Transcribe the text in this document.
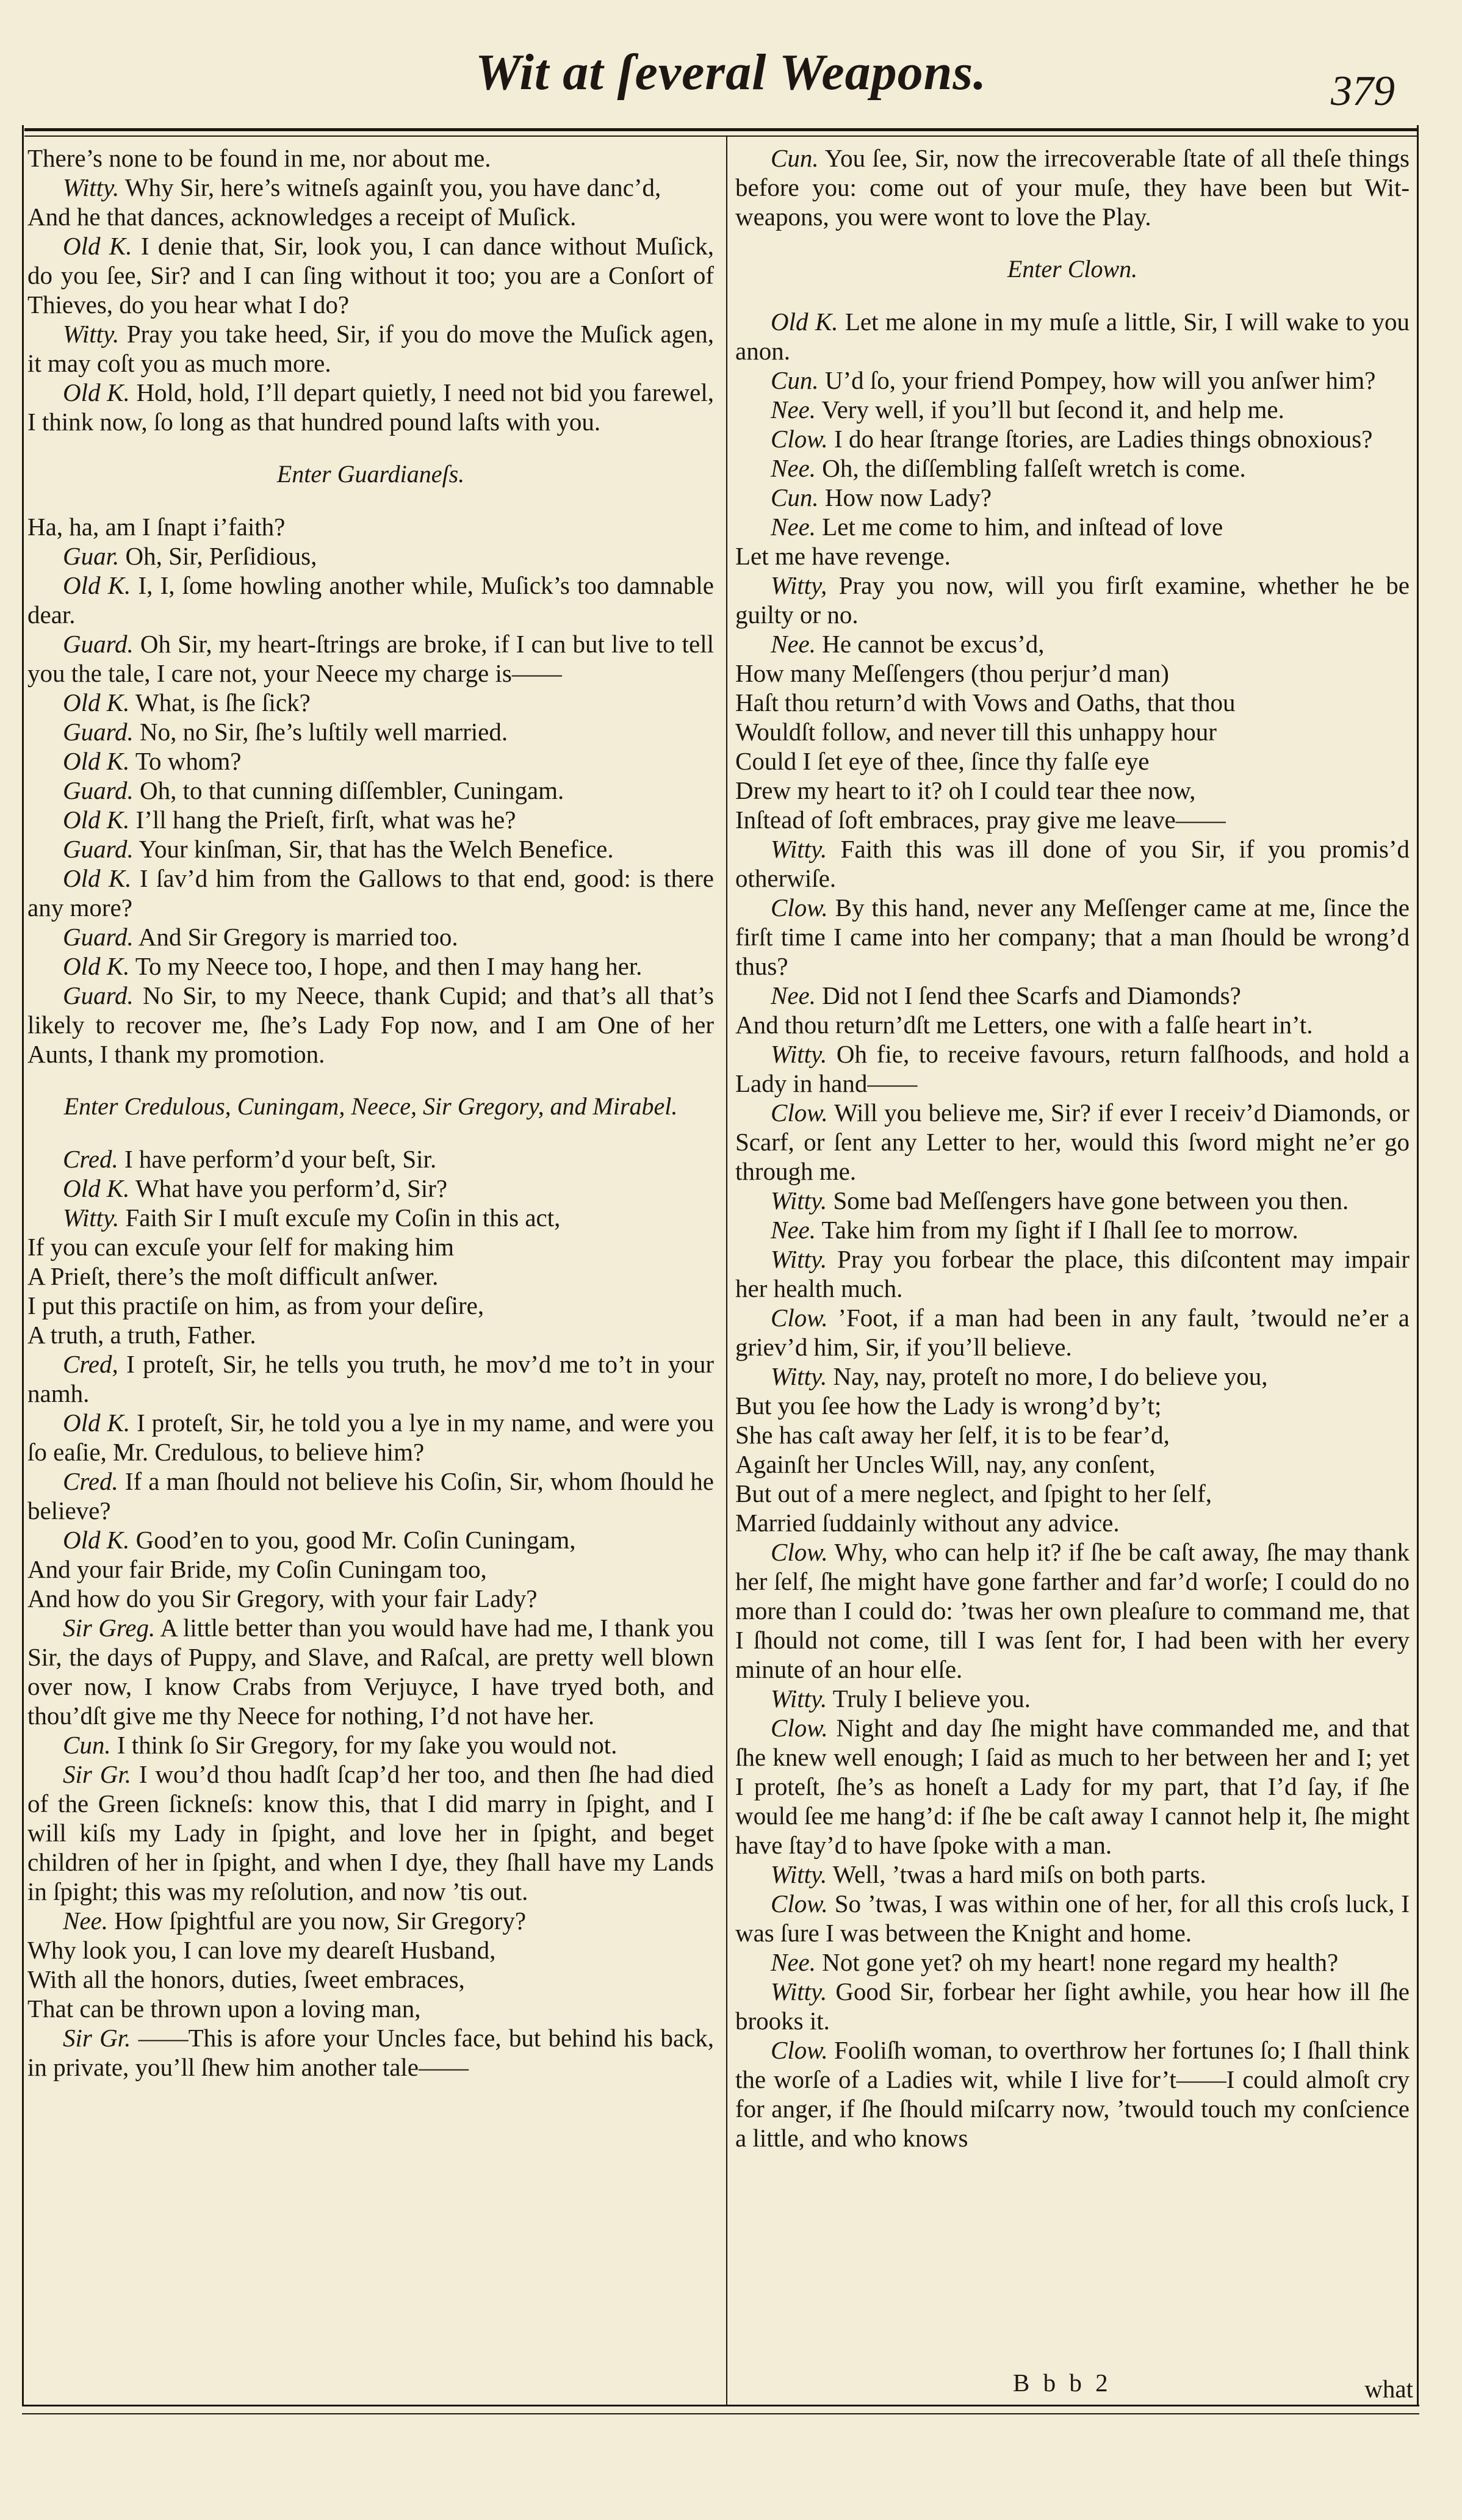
Wit at ſeveral Weapons.	379
There’s none to be found in me, nor about me.
Witty. Why Sir, here’s witneſs againſt you, you have danc’d,
And he that dances, acknowledges a receipt of Muſick.
Old K. I denie that, Sir, look you, I can dance without Muſick, do you ſee, Sir? and I can ſing without it too; you are a Conſort of Thieves, do you hear what I do?
Witty. Pray you take heed, Sir, if you do move the Muſick agen, it may coſt you as much more.
Old K. Hold, hold, I’ll depart quietly, I need not bid you farewel, I think now, ſo long as that hundred pound laſts with you.
Enter Guardianeſs.
Ha, ha, am I ſnapt i’faith?
Guar. Oh, Sir, Perſidious,
Old K. I, I, ſome howling another while, Muſick’s too damnable dear.
Guard. Oh Sir, my heart-ſtrings are broke, if I can but live to tell you the tale, I care not, your Neece my charge is——
Old K. What, is ſhe ſick?
Guard. No, no Sir, ſhe’s luſtily well married.
Old K. To whom?
Guard. Oh, to that cunning diſſembler, Cuningam.
Old K. I’ll hang the Prieſt, firſt, what was he?
Guard. Your kinſman, Sir, that has the Welch Benefice.
Old K. I ſav’d him from the Gallows to that end, good: is there any more?
Guard. And Sir Gregory is married too.
Old K. To my Neece too, I hope, and then I may hang her.
Guard. No Sir, to my Neece, thank Cupid; and that’s all that’s likely to recover me, ſhe’s Lady Fop now, and I am One of her Aunts, I thank my promotion.
Enter Credulous, Cuningam, Neece, Sir Gregory, and Mirabel.
Cred. I have perform’d your beſt, Sir.
Old K. What have you perform’d, Sir?
Witty. Faith Sir I muſt excuſe my Coſin in this act,
If you can excuſe your ſelf for making him
A Prieſt, there’s the moſt difficult anſwer.
I put this practiſe on him, as from your deſire,
A truth, a truth, Father.
Cred, I proteſt, Sir, he tells you truth, he mov’d me to’t in your namh.
Old K. I proteſt, Sir, he told you a lye in my name, and were you ſo eaſie, Mr. Credulous, to believe him?
Cred. If a man ſhould not believe his Coſin, Sir, whom ſhould he believe?
Old K. Good’en to you, good Mr. Coſin Cuningam,
And your fair Bride, my Coſin Cuningam too,
And how do you Sir Gregory, with your fair Lady?
Sir Greg. A little better than you would have had me, I thank you Sir, the days of Puppy, and Slave, and Raſcal, are pretty well blown over now, I know Crabs from Verjuyce, I have tryed both, and thou’dſt give me thy Neece for nothing, I’d not have her.
Cun. I think ſo Sir Gregory, for my ſake you would not.
Sir Gr. I wou’d thou hadſt ſcap’d her too, and then ſhe had died of the Green ſickneſs: know this, that I did marry in ſpight, and I will kiſs my Lady in ſpight, and love her in ſpight, and beget children of her in ſpight, and when I dye, they ſhall have my Lands in ſpight; this was my reſolution, and now ’tis out.
Nee. How ſpightful are you now, Sir Gregory?
Why look you, I can love my deareſt Husband,
With all the honors, duties, ſweet embraces,
That can be thrown upon a loving man,
Sir Gr. ——This is afore your Uncles face, but behind his back, in private, you’ll ſhew him another tale——
Cun. You ſee, Sir, now the irrecoverable ſtate of all theſe things before you: come out of your muſe, they have been but Wit-weapons, you were wont to love the Play.
Enter Clown.
Old K. Let me alone in my muſe a little, Sir, I will wake to you anon.
Cun. U’d ſo, your friend Pompey, how will you anſwer him?
Nee. Very well, if you’ll but ſecond it, and help me.
Clow. I do hear ſtrange ſtories, are Ladies things obnoxious?
Nee. Oh, the diſſembling falſeſt wretch is come.
Cun. How now Lady?
Nee. Let me come to him, and inſtead of love
Let me have revenge.
Witty, Pray you now, will you firſt examine, whether he be guilty or no.
Nee. He cannot be excus’d,
How many Meſſengers (thou perjur’d man)
Haſt thou return’d with Vows and Oaths, that thou
Wouldſt follow, and never till this unhappy hour
Could I ſet eye of thee, ſince thy falſe eye
Drew my heart to it? oh I could tear thee now,
Inſtead of ſoft embraces, pray give me leave——
Witty. Faith this was ill done of you Sir, if you promis’d otherwiſe.
Clow. By this hand, never any Meſſenger came at me, ſince the firſt time I came into her company; that a man ſhould be wrong’d thus?
Nee. Did not I ſend thee Scarfs and Diamonds?
And thou return’dſt me Letters, one with a falſe heart in’t.
Witty. Oh fie, to receive favours, return falſhoods, and hold a Lady in hand——
Clow. Will you believe me, Sir? if ever I receiv’d Diamonds, or Scarf, or ſent any Letter to her, would this ſword might ne’er go through me.
Witty. Some bad Meſſengers have gone between you then.
Nee. Take him from my ſight if I ſhall ſee to morrow.
Witty. Pray you forbear the place, this diſcontent may impair her health much.
Clow. ’Foot, if a man had been in any fault, ’twould ne’er a griev’d him, Sir, if you’ll believe.
Witty. Nay, nay, proteſt no more, I do believe you,
But you ſee how the Lady is wrong’d by’t;
She has caſt away her ſelf, it is to be fear’d,
Againſt her Uncles Will, nay, any conſent,
But out of a mere neglect, and ſpight to her ſelf,
Married ſuddainly without any advice.
Clow. Why, who can help it? if ſhe be caſt away, ſhe may thank her ſelf, ſhe might have gone farther and far’d worſe; I could do no more than I could do: ’twas her own pleaſure to command me, that I ſhould not come, till I was ſent for, I had been with her every minute of an hour elſe.
Witty. Truly I believe you.
Clow. Night and day ſhe might have commanded me, and that ſhe knew well enough; I ſaid as much to her between her and I; yet I proteſt, ſhe’s as honeſt a Lady for my part, that I’d ſay, if ſhe would ſee me hang’d: if ſhe be caſt away I cannot help it, ſhe might have ſtay’d to have ſpoke with a man.
Witty. Well, ’twas a hard miſs on both parts.
Clow. So ’twas, I was within one of her, for all this croſs luck, I was ſure I was between the Knight and home.
Nee. Not gone yet? oh my heart! none regard my health?
Witty. Good Sir, forbear her ſight awhile, you hear how ill ſhe brooks it.
Clow. Fooliſh woman, to overthrow her fortunes ſo; I ſhall think the worſe of a Ladies wit, while I live for’t——I could almoſt cry for anger, if ſhe ſhould miſcarry now, ’twould touch my conſcience a little, and who knows
B b b 2	what
